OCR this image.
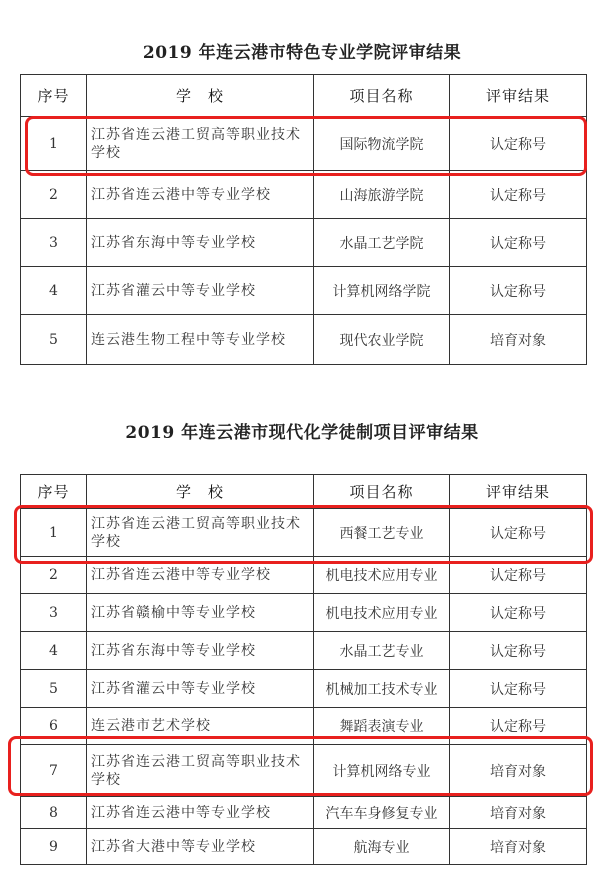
2019 年连云港市特色专业学院评审结果
序号	学　校	项目名称	评审结果
1	江苏省连云港工贸高等职业技术学校	国际物流学院	认定称号
2	江苏省连云港中等专业学校	山海旅游学院	认定称号
3	江苏省东海中等专业学校	水晶工艺学院	认定称号
4	江苏省灌云中等专业学校	计算机网络学院	认定称号
5	连云港生物工程中等专业学校	现代农业学院	培育对象
2019 年连云港市现代化学徒制项目评审结果
序号	学　校	项目名称	评审结果
1	江苏省连云港工贸高等职业技术学校	西餐工艺专业	认定称号
2	江苏省连云港中等专业学校	机电技术应用专业	认定称号
3	江苏省赣榆中等专业学校	机电技术应用专业	认定称号
4	江苏省东海中等专业学校	水晶工艺专业	认定称号
5	江苏省灌云中等专业学校	机械加工技术专业	认定称号
6	连云港市艺术学校	舞蹈表演专业	认定称号
7	江苏省连云港工贸高等职业技术学校	计算机网络专业	培育对象
8	江苏省连云港中等专业学校	汽车车身修复专业	培育对象
9	江苏省大港中等专业学校	航海专业	培育对象
